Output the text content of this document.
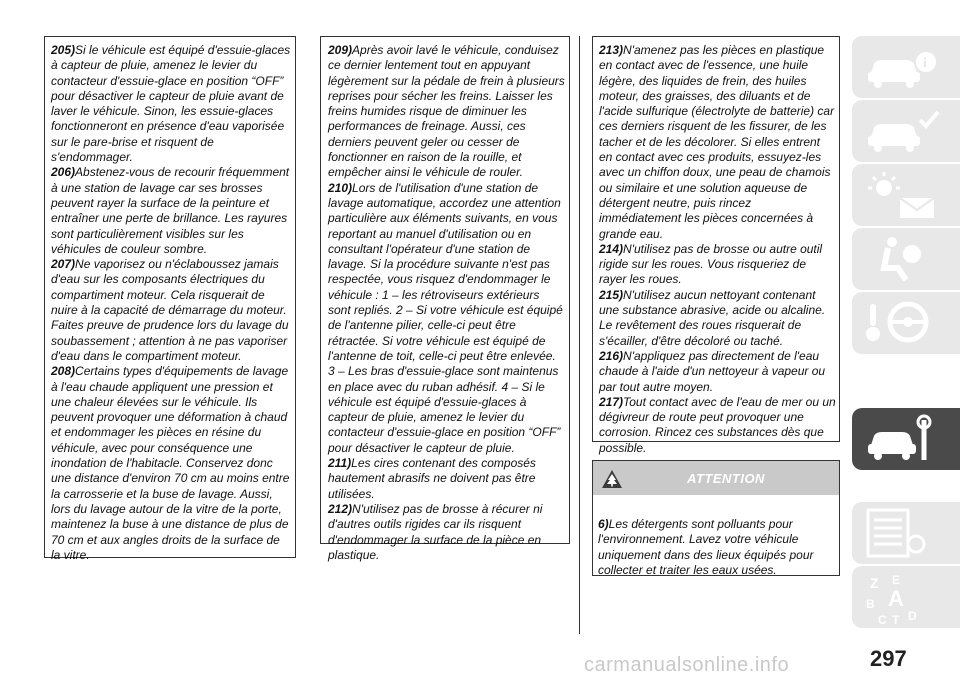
205)Si le véhicule est équipé d'essuie-glaces à capteur de pluie, amenez le levier du contacteur d'essuie-glace en position “OFF” pour désactiver le capteur de pluie avant de laver le véhicule. Sinon, les essuie-glaces fonctionneront en présence d'eau vaporisée sur le pare-brise et risquent de s'endommager.

206)Abstenez-vous de recourir fréquemment à une station de lavage car ses brosses peuvent rayer la surface de la peinture et entraîner une perte de brillance. Les rayures sont particulièrement visibles sur les véhicules de couleur sombre.

207)Ne vaporisez ou n'éclaboussez jamais d'eau sur les composants électriques du compartiment moteur. Cela risquerait de nuire à la capacité de démarrage du moteur. Faites preuve de prudence lors du lavage du soubassement ; attention à ne pas vaporiser d'eau dans le compartiment moteur.

208)Certains types d'équipements de lavage à l'eau chaude appliquent une pression et une chaleur élevées sur le véhicule. Ils peuvent provoquer une déformation à chaud et endommager les pièces en résine du véhicule, avec pour conséquence une inondation de l'habitacle. Conservez donc une distance d'environ 70 cm au moins entre la carrosserie et la buse de lavage. Aussi, lors du lavage autour de la vitre de la porte, maintenez la buse à une distance de plus de 70 cm et aux angles droits de la surface de la vitre.

209)Après avoir lavé le véhicule, conduisez ce dernier lentement tout en appuyant légèrement sur la pédale de frein à plusieurs reprises pour sécher les freins. Laisser les freins humides risque de diminuer les performances de freinage. Aussi, ces derniers peuvent geler ou cesser de fonctionner en raison de la rouille, et empêcher ainsi le véhicule de rouler.

210)Lors de l'utilisation d'une station de lavage automatique, accordez une attention particulière aux éléments suivants, en vous reportant au manuel d'utilisation ou en consultant l'opérateur d'une station de lavage. Si la procédure suivante n'est pas respectée, vous risquez d'endommager le véhicule : 1 – les rétroviseurs extérieurs sont repliés. 2 – Si votre véhicule est équipé de l'antenne pilier, celle-ci peut être rétractée. Si votre véhicule est équipé de l'antenne de toit, celle-ci peut être enlevée. 3 – Les bras d'essuie-glace sont maintenus en place avec du ruban adhésif. 4 – Si le véhicule est équipé d'essuie-glaces à capteur de pluie, amenez le levier du contacteur d'essuie-glace en position “OFF” pour désactiver le capteur de pluie.

211)Les cires contenant des composés hautement abrasifs ne doivent pas être utilisées.

212)N'utilisez pas de brosse à récurer ni d'autres outils rigides car ils risquent d'endommager la surface de la pièce en plastique.

213)N'amenez pas les pièces en plastique en contact avec de l'essence, une huile légère, des liquides de frein, des huiles moteur, des graisses, des diluants et de l'acide sulfurique (électrolyte de batterie) car ces derniers risquent de les fissurer, de les tacher et de les décolorer. Si elles entrent en contact avec ces produits, essuyez-les avec un chiffon doux, une peau de chamois ou similaire et une solution aqueuse de détergent neutre, puis rincez immédiatement les pièces concernées à grande eau.

214)N'utilisez pas de brosse ou autre outil rigide sur les roues. Vous risqueriez de rayer les roues.

215)N'utilisez aucun nettoyant contenant une substance abrasive, acide ou alcaline. Le revêtement des roues risquerait de s'écailler, d'être décoloré ou taché.

216)N'appliquez pas directement de l'eau chaude à l'aide d'un nettoyeur à vapeur ou par tout autre moyen.

217)Tout contact avec de l'eau de mer ou un dégivreur de route peut provoquer une corrosion. Rincez ces substances dès que possible.

ATTENTION

6)Les détergents sont polluants pour l'environnement. Lavez votre véhicule uniquement dans des lieux équipés pour collecter et traiter les eaux usées.

i
Z E
B A
C T D
carmanualsonline.info	297
